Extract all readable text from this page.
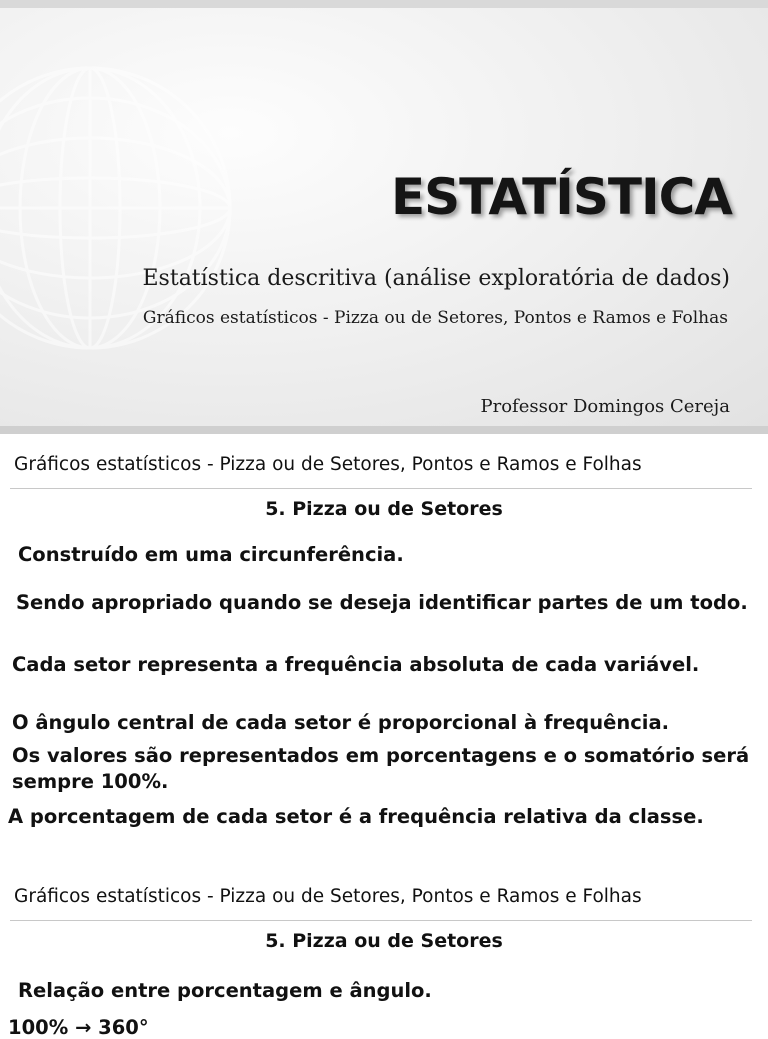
ESTATÍSTICA

Estatística descritiva (análise exploratória de dados)

Gráficos estatísticos - Pizza ou de Setores, Pontos e Ramos e Folhas

Professor Domingos Cereja

Gráficos estatísticos - Pizza ou de Setores, Pontos e Ramos e Folhas

5. Pizza ou de Setores

Construído em uma circunferência.

Sendo apropriado quando se deseja identificar partes de um todo.

Cada setor representa a frequência absoluta de cada variável.

O ângulo central de cada setor é proporcional à frequência.

Os valores são representados em porcentagens e o somatório será sempre 100%.

A porcentagem de cada setor é a frequência relativa da classe.

Gráficos estatísticos - Pizza ou de Setores, Pontos e Ramos e Folhas

5. Pizza ou de Setores

Relação entre porcentagem e ângulo.

100% → 360°
